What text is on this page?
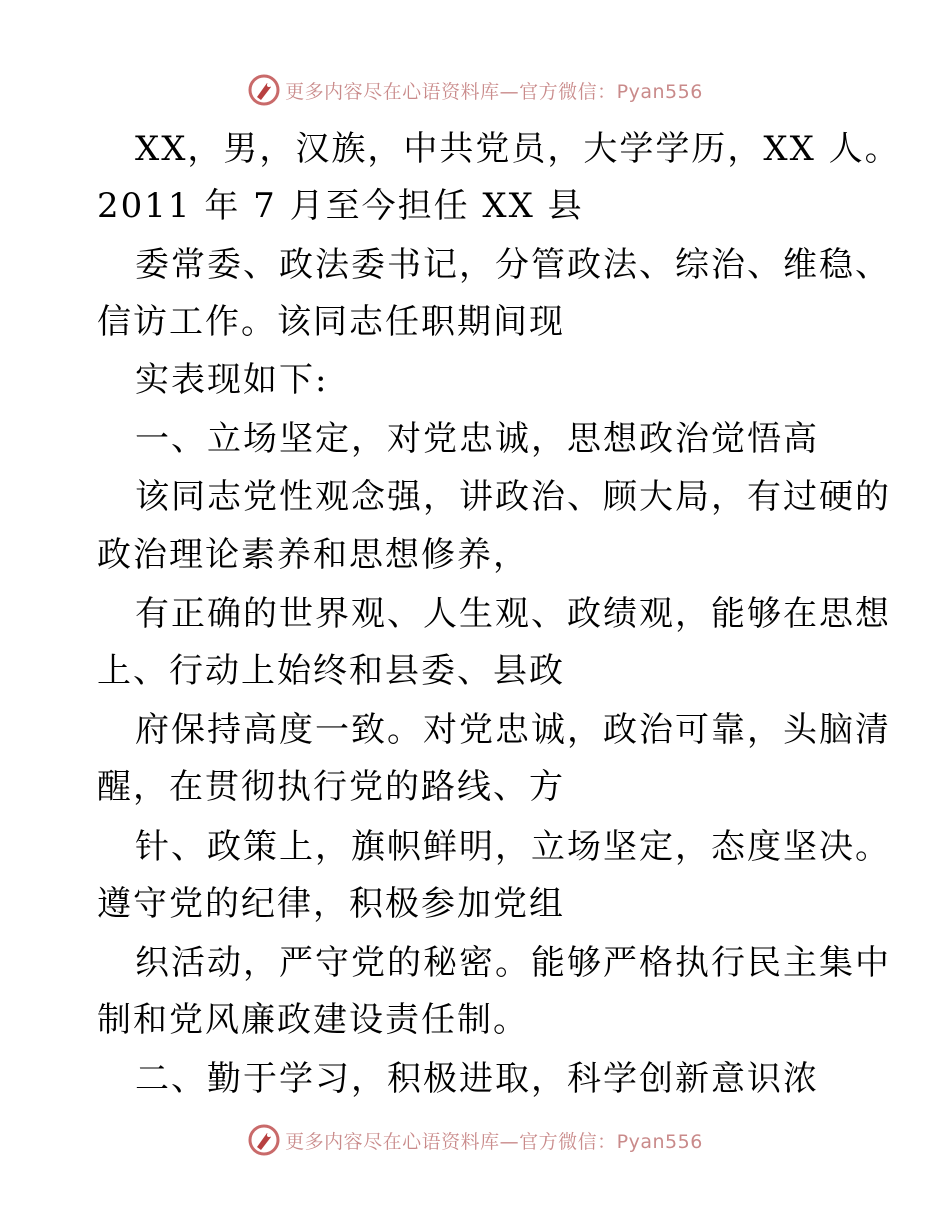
更多内容尽在心语资料库—官方微信：Pyan556
XX，男，汉族，中共党员，大学学历，XX 人。
2011 年 7 月至今担任 XX 县
委常委、政法委书记，分管政法、综治、维稳、
信访工作。该同志任职期间现
实表现如下:
一、立场坚定，对党忠诚，思想政治觉悟高
该同志党性观念强，讲政治、顾大局，有过硬的
政治理论素养和思想修养，
有正确的世界观、人生观、政绩观，能够在思想
上、行动上始终和县委、县政
府保持高度一致。对党忠诚，政治可靠，头脑清
醒，在贯彻执行党的路线、方
针、政策上，旗帜鲜明，立场坚定，态度坚决。
遵守党的纪律，积极参加党组
织活动，严守党的秘密。能够严格执行民主集中
制和党风廉政建设责任制。
二、勤于学习，积极进取，科学创新意识浓
更多内容尽在心语资料库—官方微信：Pyan556
